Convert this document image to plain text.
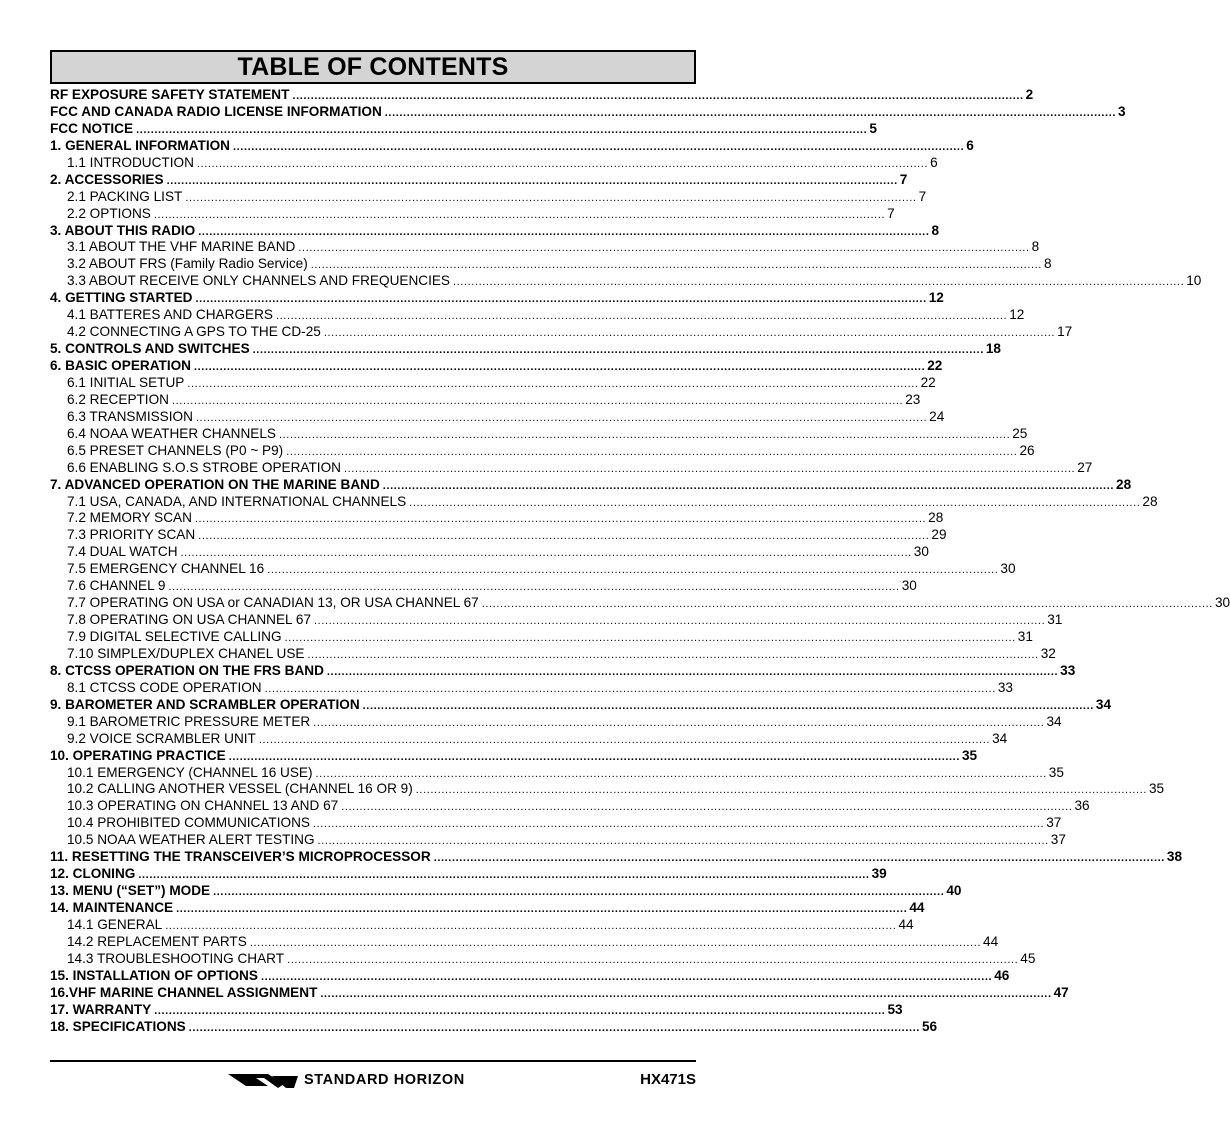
TABLE OF CONTENTS
RF EXPOSURE SAFETY STATEMENT ........................................................................................................................................................................................................ 2
FCC AND CANADA RADIO LICENSE INFORMATION ........................................................................................................................................................................................................ 3
FCC NOTICE ........................................................................................................................................................................................................ 5
1. GENERAL INFORMATION ........................................................................................................................................................................................................ 6
1.1 INTRODUCTION ........................................................................................................................................................................................................ 6
2. ACCESSORIES ........................................................................................................................................................................................................ 7
2.1 PACKING LIST ........................................................................................................................................................................................................ 7
2.2 OPTIONS ........................................................................................................................................................................................................ 7
3. ABOUT THIS RADIO ........................................................................................................................................................................................................ 8
3.1 ABOUT THE VHF MARINE BAND ........................................................................................................................................................................................................ 8
3.2 ABOUT FRS (Family Radio Service) ........................................................................................................................................................................................................ 8
3.3 ABOUT RECEIVE ONLY CHANNELS AND FREQUENCIES ........................................................................................................................................................................................................ 10
4. GETTING STARTED ........................................................................................................................................................................................................ 12
4.1 BATTERES AND CHARGERS ........................................................................................................................................................................................................ 12
4.2 CONNECTING A GPS TO THE CD-25 ........................................................................................................................................................................................................ 17
5. CONTROLS AND SWITCHES ........................................................................................................................................................................................................ 18
6. BASIC OPERATION ........................................................................................................................................................................................................ 22
6.1 INITIAL SETUP ........................................................................................................................................................................................................ 22
6.2 RECEPTION ........................................................................................................................................................................................................ 23
6.3 TRANSMISSION ........................................................................................................................................................................................................ 24
6.4 NOAA WEATHER CHANNELS ........................................................................................................................................................................................................ 25
6.5 PRESET CHANNELS (P0 ~ P9) ........................................................................................................................................................................................................ 26
6.6 ENABLING S.O.S STROBE OPERATION ........................................................................................................................................................................................................ 27
7. ADVANCED OPERATION ON THE MARINE BAND ........................................................................................................................................................................................................ 28
7.1 USA, CANADA, AND INTERNATIONAL CHANNELS ........................................................................................................................................................................................................ 28
7.2 MEMORY SCAN ........................................................................................................................................................................................................ 28
7.3 PRIORITY SCAN ........................................................................................................................................................................................................ 29
7.4 DUAL WATCH ........................................................................................................................................................................................................ 30
7.5 EMERGENCY CHANNEL 16 ........................................................................................................................................................................................................ 30
7.6 CHANNEL 9 ........................................................................................................................................................................................................ 30
7.7 OPERATING ON USA or CANADIAN 13, OR USA CHANNEL 67 ........................................................................................................................................................................................................ 30
7.8 OPERATING ON USA CHANNEL 67 ........................................................................................................................................................................................................ 31
7.9 DIGITAL SELECTIVE CALLING ........................................................................................................................................................................................................ 31
7.10 SIMPLEX/DUPLEX CHANEL USE ........................................................................................................................................................................................................ 32
8. CTCSS OPERATION ON THE FRS BAND ........................................................................................................................................................................................................ 33
8.1 CTCSS CODE OPERATION ........................................................................................................................................................................................................ 33
9. BAROMETER AND SCRAMBLER OPERATION ........................................................................................................................................................................................................ 34
9.1 BAROMETRIC PRESSURE METER ........................................................................................................................................................................................................ 34
9.2 VOICE SCRAMBLER UNIT ........................................................................................................................................................................................................ 34
10. OPERATING PRACTICE ........................................................................................................................................................................................................ 35
10.1 EMERGENCY (CHANNEL 16 USE) ........................................................................................................................................................................................................ 35
10.2 CALLING ANOTHER VESSEL (CHANNEL 16 OR 9) ........................................................................................................................................................................................................ 35
10.3 OPERATING ON CHANNEL 13 AND 67 ........................................................................................................................................................................................................ 36
10.4 PROHIBITED COMMUNICATIONS ........................................................................................................................................................................................................ 37
10.5 NOAA WEATHER ALERT TESTING ........................................................................................................................................................................................................ 37
11. RESETTING THE TRANSCEIVER’S MICROPROCESSOR ........................................................................................................................................................................................................ 38
12. CLONING ........................................................................................................................................................................................................ 39
13. MENU (“SET”) MODE ........................................................................................................................................................................................................ 40
14. MAINTENANCE ........................................................................................................................................................................................................ 44
14.1 GENERAL ........................................................................................................................................................................................................ 44
14.2 REPLACEMENT PARTS ........................................................................................................................................................................................................ 44
14.3 TROUBLESHOOTING CHART ........................................................................................................................................................................................................ 45
15. INSTALLATION OF OPTIONS ........................................................................................................................................................................................................ 46
16.VHF MARINE CHANNEL ASSIGNMENT ........................................................................................................................................................................................................ 47
17. WARRANTY ........................................................................................................................................................................................................ 53
18. SPECIFICATIONS ........................................................................................................................................................................................................ 56
STANDARD HORIZON	HX471S
